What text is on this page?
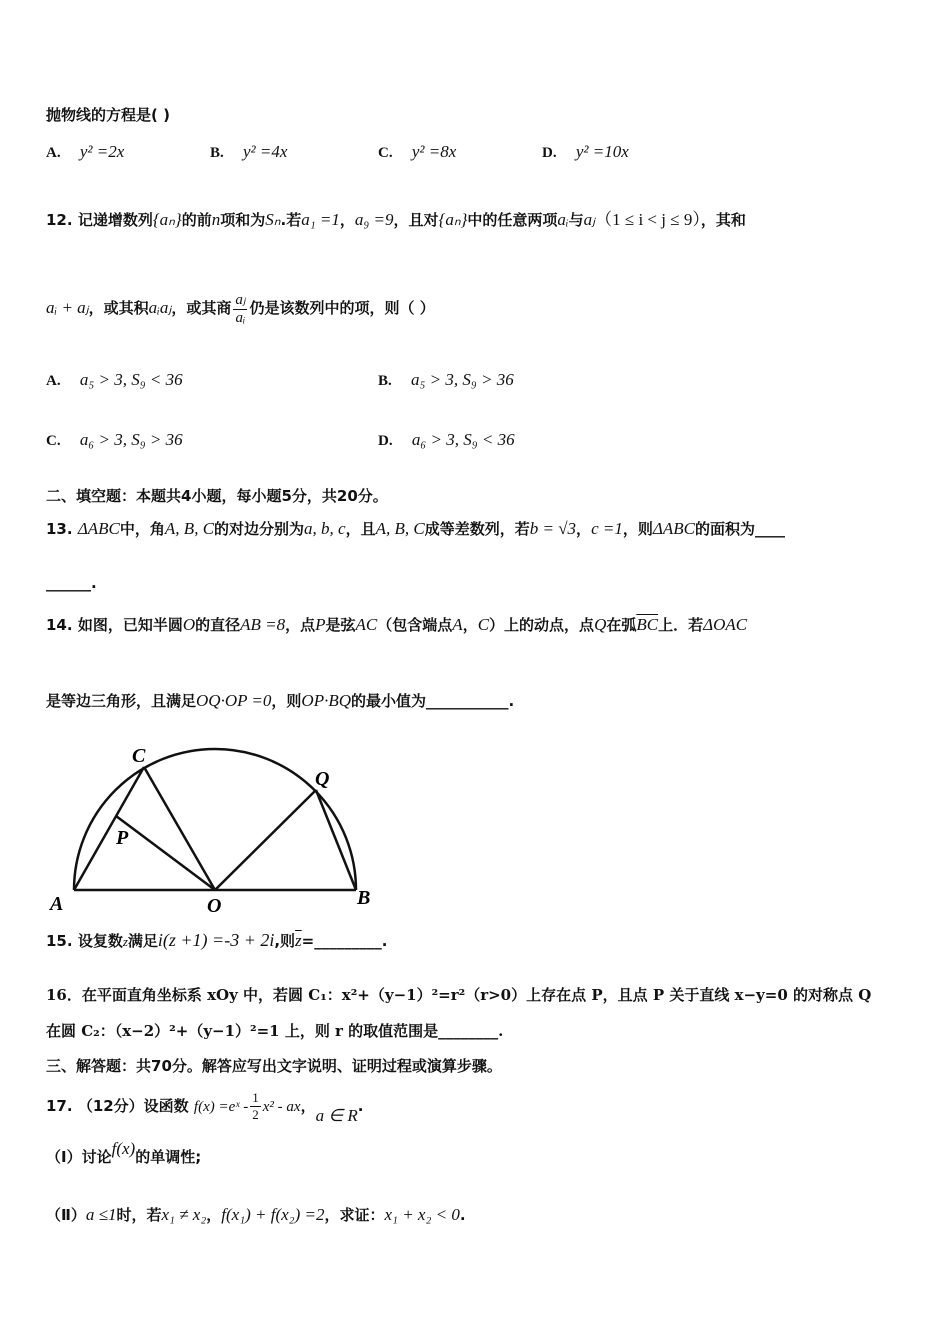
抛物线的方程是( )
A. y² =2x	B. y² =4x	C. y² =8x	D. y² =10x
12. 记递增数列{aₙ}的前n项和为Sₙ.若a₁ =1，a₉ =9，且对{aₙ}中的任意两项aᵢ与aⱼ（1 ≤ i < j ≤ 9），其和
aᵢ + aⱼ，或其积aᵢaⱼ，或其商 $\frac{\text{aⱼ}}{\text{aᵢ}}$ 仍是该数列中的项，则（ ）
A. a₅ > 3, S₉ < 36	B. a₅ > 3, S₉ > 36
C. a₆ > 3, S₉ > 36	D. a₆ > 3, S₉ < 36
二、填空题：本题共4小题，每小题5分，共20分。
13. ΔABC中，角A, B, C的对边分别为a, b, c，且A, B, C成等差数列，若b = √3，c =1，则ΔABC的面积为____
______.
14. 如图，已知半圆O的直径AB =8，点P是弦AC（包含端点A，C）上的动点，点Q在弧$\overline{BC}$上．若ΔOAC
是等边三角形，且满足OQ·OP =0，则OP·BQ的最小值为___________.
C
Q
P
A	O	B
15. 设复数z满足i(z +1) =-3 + 2i,则$\overline{z}=\_\_\_\_\_\_\_\_\_$.
16．在平面直角坐标系 xOy 中，若圆 C₁：x²+（y−1）²=r²（r>0）上存在点 P，且点 P 关于直线 x−y=0 的对称点 Q
在圆 C₂：（x−2）²+（y−1）²=1 上，则 r 的取值范围是________.
三、解答题：共70分。解答应写出文字说明、证明过程或演算步骤。
17. （12分）设函数 f(x) =eˣ - $\frac{1}{2} x^2$ - ax，a ∈ R.
（Ⅰ）讨论f(x)的单调性;
（Ⅱ）a ≤1时，若x₁ ≠ x₂，f(x₁) + f(x₂) =2，求证：x₁ + x₂ < 0.
